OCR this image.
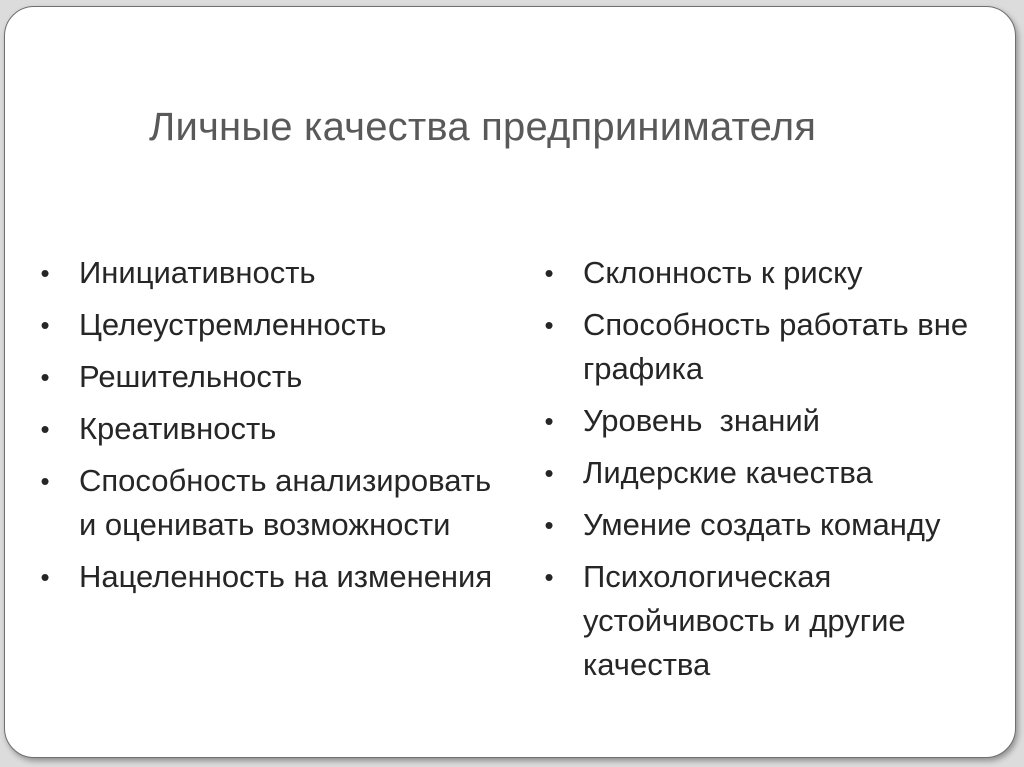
Личные качества предпринимателя
• Инициативность
• Целеустремленность
• Решительность
• Креативность
• Способность анализировать и оценивать возможности
• Нацеленность на изменения
• Склонность к риску
• Способность работать вне графика
• Уровень  знаний
• Лидерские качества
• Умение создать команду
• Психологическая устойчивость и другие качества
